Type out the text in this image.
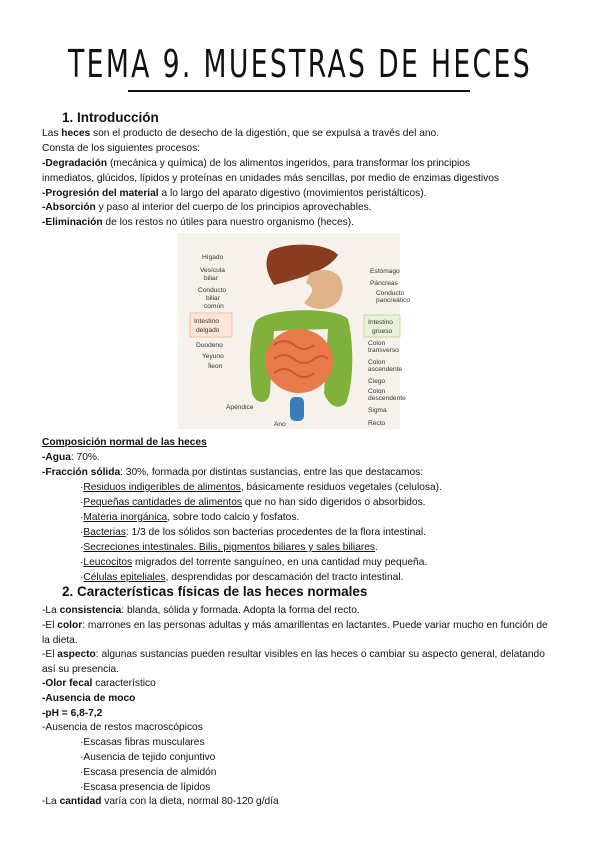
TEMA 9. MUESTRAS DE HECES
1. Introducción
Las heces son el producto de desecho de la digestión, que se expulsa a través del ano.
Consta de los siguientes procesos:
-Degradación (mecánica y química) de los alimentos ingeridos, para transformar los principios
inmediatos, glúcidos, lípidos y proteínas en unidades más sencillas, por medio de enzimas digestivos
-Progresión del material a lo largo del aparato digestivo (movimientos peristálticos).
-Absorción y paso al interior del cuerpo de los principios aprovechables.
-Eliminación de los restos no útiles para nuestro organismo (heces).
Hígado
Vesícula
biliar
Conducto
biliar
común
Intestino
delgado
Duodeno
Yeyuno
Íleon
Apéndice
Ano
Estómago
Páncreas
Conducto
pancreático
Intestino
grueso
Colon
transverso
Colon
ascendente
Ciego
Colon
descendente
Sigma
Recto
Composición normal de las heces
-Agua: 70%.
-Fracción sólida: 30%, formada por distintas sustancias, entre las que destacamos:
·Residuos indigeribles de alimentos, básicamente residuos vegetales (celulosa).
·Pequeñas cantidades de alimentos que no han sido digeridos o absorbidos.
·Materia inorgánica, sobre todo calcio y fosfatos.
·Bacterias: 1/3 de los sólidos son bacterias procedentes de la flora intestinal.
·Secreciones intestinales. Bilis, pigmentos biliares y sales biliares.
·Leucocitos migrados del torrente sanguíneo, en una cantidad muy pequeña.
·Células epiteliales, desprendidas por descamación del tracto intestinal.
2. Características físicas de las heces normales
-La consistencia: blanda, sólida y formada. Adopta la forma del recto.
-El color: marrones en las personas adultas y más amarillentas en lactantes. Puede variar mucho en función de la dieta.
-El aspecto: algunas sustancias pueden resultar visibles en las heces o cambiar su aspecto general, delatando así su presencia.
-Olor fecal característico
-Ausencia de moco
-pH = 6,8-7,2
-Ausencia de restos macroscópicos
·Escasas fibras musculares
·Ausencia de tejido conjuntivo
·Escasa presencia de almidón
·Escasa presencia de lípidos
-La cantidad varía con la dieta, normal 80-120 g/día
